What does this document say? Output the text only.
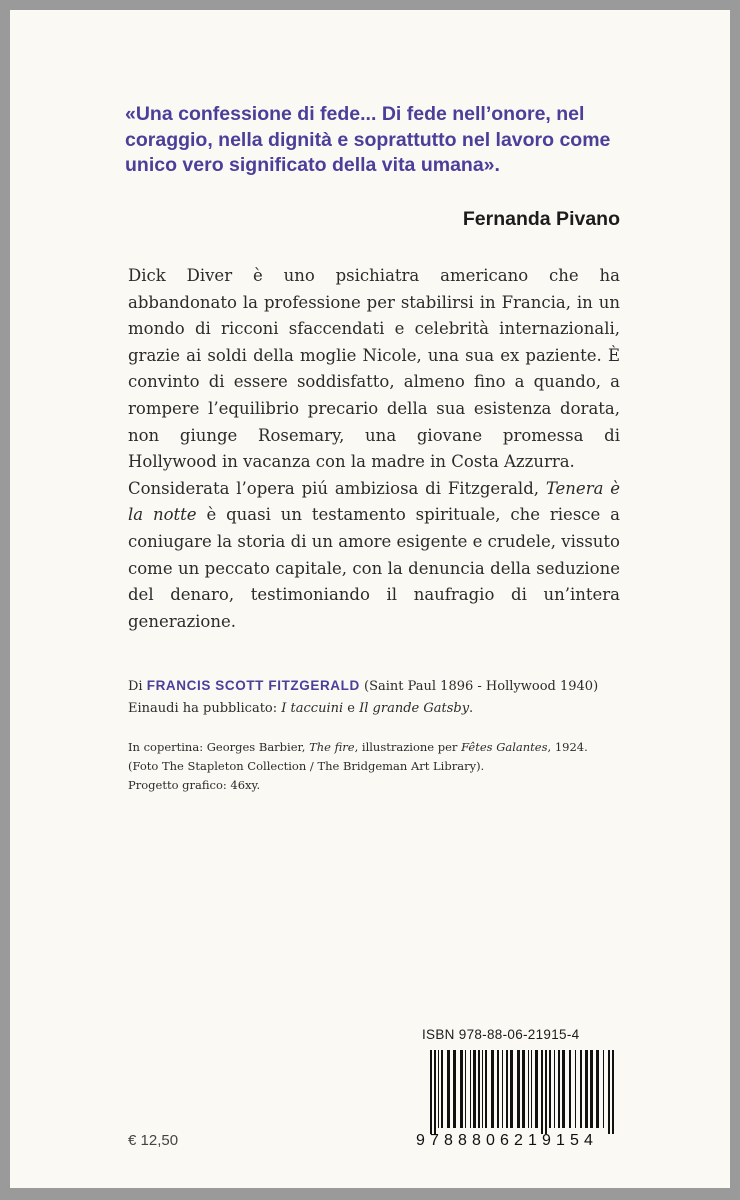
«Una confessione di fede... Di fede nell’onore, nel coraggio, nella dignità e soprattutto nel lavoro come unico vero significato della vita umana».

Fernanda Pivano

Dick Diver è uno psichiatra americano che ha abbandonato la professione per stabilirsi in Francia, in un mondo di ricconi sfaccendati e celebrità internazionali, grazie ai soldi della moglie Nicole, una sua ex paziente. È convinto di essere soddisfatto, almeno fino a quando, a rompere l’equilibrio precario della sua esistenza dorata, non giunge Rosemary, una giovane promessa di Hollywood in vacanza con la madre in Costa Azzurra.

Considerata l’opera piú ambiziosa di Fitzgerald, Tenera è la notte è quasi un testamento spirituale, che riesce a coniugare la storia di un amore esigente e crudele, vissuto come un peccato capitale, con la denuncia della seduzione del denaro, testimoniando il naufragio di un’intera generazione.

Di FRANCIS SCOTT FITZGERALD (Saint Paul 1896 - Hollywood 1940) Einaudi ha pubblicato: I taccuini e Il grande Gatsby.

In copertina: Georges Barbier, The fire, illustrazione per Fêtes Galantes, 1924. (Foto The Stapleton Collection / The Bridgeman Art Library).
Progetto grafico: 46xy.

ISBN 978-88-06-21915-4
9788806219154
€ 12,50
